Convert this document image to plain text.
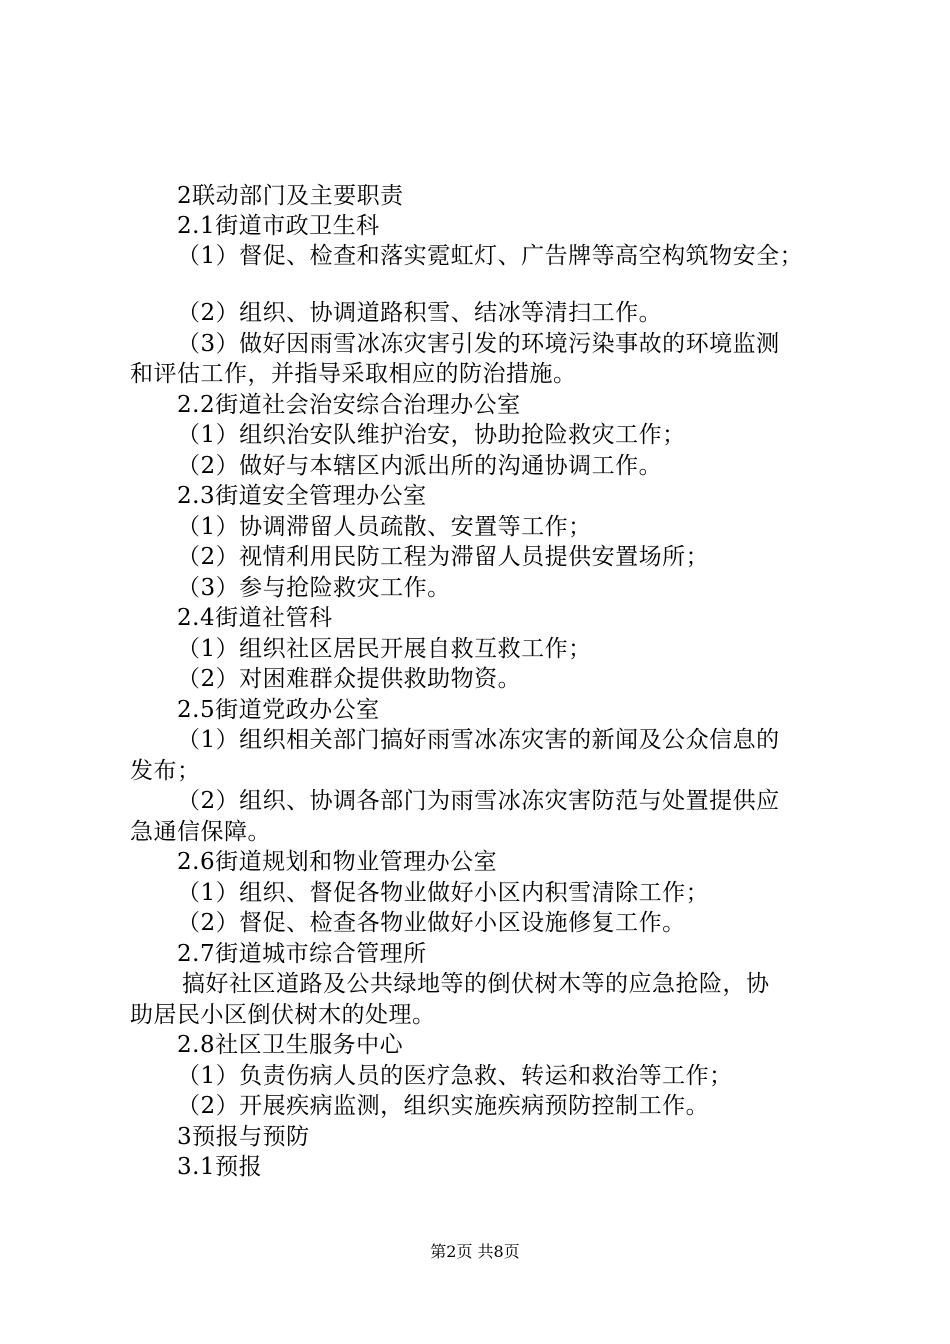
2联动部门及主要职责
2.1街道市政卫生科
（1）督促、检查和落实霓虹灯、广告牌等高空构筑物安全；
（2）组织、协调道路积雪、结冰等清扫工作。
（3）做好因雨雪冰冻灾害引发的环境污染事故的环境监测
和评估工作，并指导采取相应的防治措施。
2.2街道社会治安综合治理办公室
（1）组织治安队维护治安，协助抢险救灾工作；
（2）做好与本辖区内派出所的沟通协调工作。
2.3街道安全管理办公室
（1）协调滞留人员疏散、安置等工作；
（2）视情利用民防工程为滞留人员提供安置场所；
（3）参与抢险救灾工作。
2.4街道社管科
（1）组织社区居民开展自救互救工作；
（2）对困难群众提供救助物资。
2.5街道党政办公室
（1）组织相关部门搞好雨雪冰冻灾害的新闻及公众信息的
发布；
（2）组织、协调各部门为雨雪冰冻灾害防范与处置提供应
急通信保障。
2.6街道规划和物业管理办公室
（1）组织、督促各物业做好小区内积雪清除工作；
（2）督促、检查各物业做好小区设施修复工作。
2.7街道城市综合管理所
搞好社区道路及公共绿地等的倒伏树木等的应急抢险，协
助居民小区倒伏树木的处理。
2.8社区卫生服务中心
（1）负责伤病人员的医疗急救、转运和救治等工作；
（2）开展疾病监测，组织实施疾病预防控制工作。
3预报与预防
3.1预报
第2页 共8页
